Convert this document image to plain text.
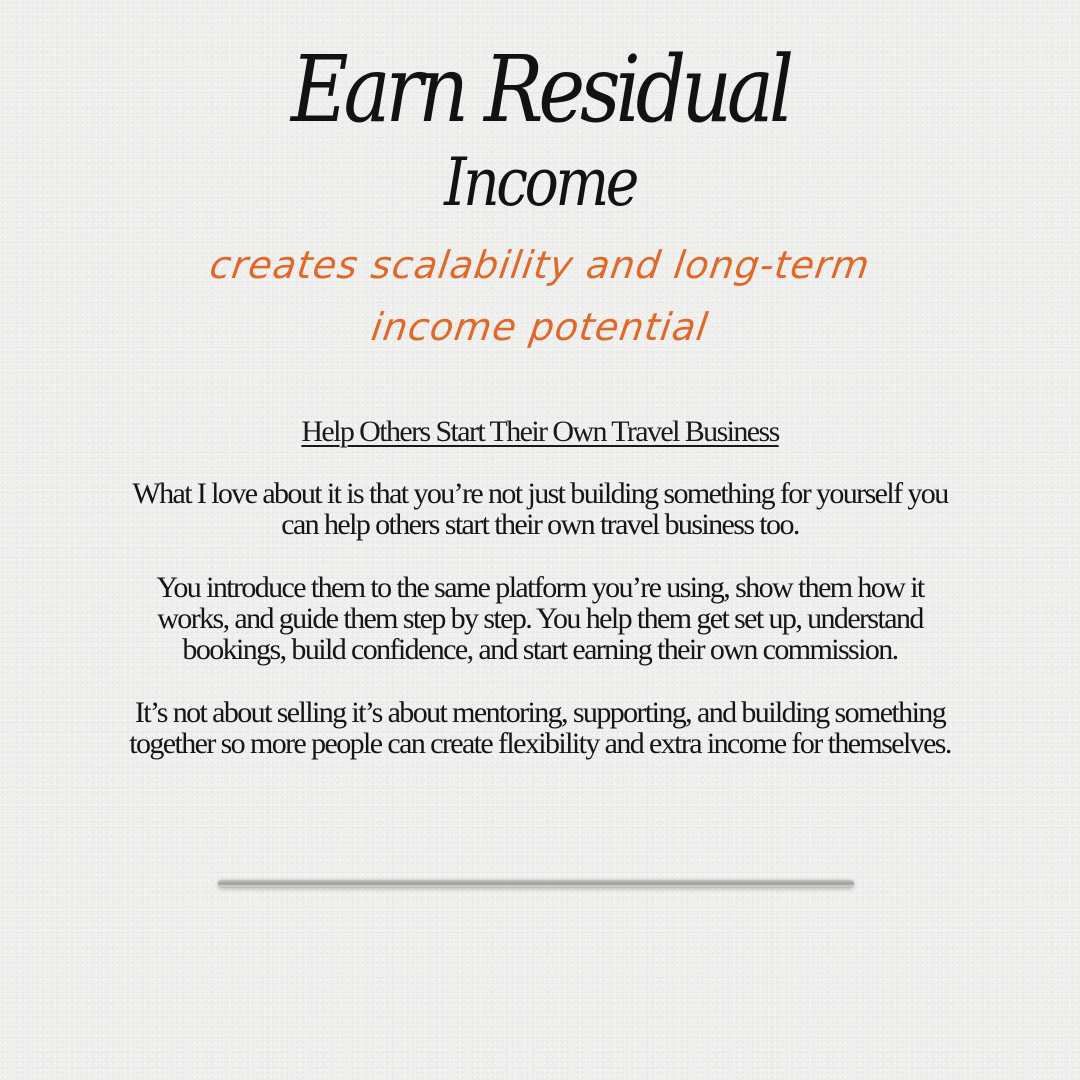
Earn Residual
Income
creates scalability and long-term
income potential
Help Others Start Their Own Travel Business
What I love about it is that you’re not just building something for yourself you can help others start their own travel business too.
You introduce them to the same platform you’re using, show them how it works, and guide them step by step. You help them get set up, understand bookings, build confidence, and start earning their own commission.
It’s not about selling it’s about mentoring, supporting, and building something together so more people can create flexibility and extra income for themselves.
